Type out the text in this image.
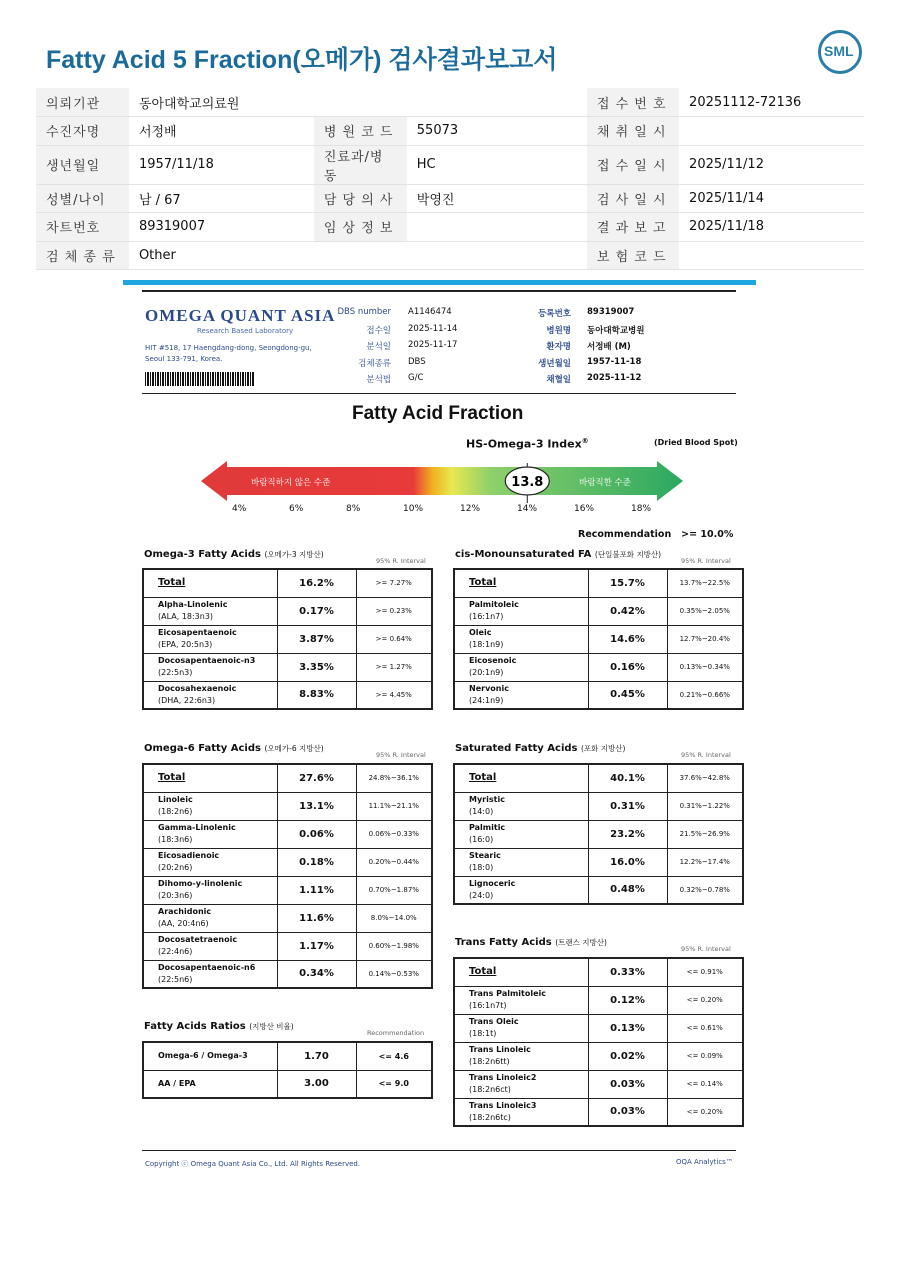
Fatty Acid 5 Fraction(오메가) 검사결과보고서	SML
의뢰기관	동아대학교의료원			접 수 번 호	20251112-72136
수진자명	서정배	병 원 코 드	55073	채 취 일 시	
생년월일	1957/11/18	진료과/병동	HC	접 수 일 시	2025/11/12
성별/나이	남 / 67	담 당 의 사	박영진	검 사 일 시	2025/11/14
차트번호	89319007	임 상 정 보		결 과 보 고	2025/11/18
검 체 종 류	Other			보 험 코 드	
OMEGA QUANT ASIA
Research Based Laboratory
HIT #518, 17 Haengdang-dong, Seongdong-gu, Seoul 133-791, Korea.
DBS number A1146474
접수일 2025-11-14
분석일 2025-11-17
검체종류 DBS
분석법 G/C
등록번호 89319007
병원명 동아대학교병원
환자명 서정배 (M)
생년월일 1957-11-18
채혈일 2025-11-12
Fatty Acid Fraction
HS-Omega-3 Index®	(Dried Blood Spot)
바람직하지 않은 수준	바람직한 수준
13.8
4%	6%	8%	10%	12%	14%	16%	18%
Recommendation >= 10.0%
Omega-3 Fatty Acids (오메가-3 지방산)
95% R. Interval
Total	16.2%	>= 7.27%

Alpha-Linolenic
(ALA, 18:3n3)	0.17%	>= 0.23%

Eicosapentaenoic
(EPA, 20:5n3)	3.87%	>= 0.64%

Docosapentaenoic-n3
(22:5n3)	3.35%	>= 1.27%

Docosahexaenoic
(DHA, 22:6n3)	8.83%	>= 4.45%
cis-Monounsaturated FA (단일불포화 지방산)
95% R. Interval
Total	15.7%	13.7%~22.5%

Palmitoleic
(16:1n7)	0.42%	0.35%~2.05%

Oleic
(18:1n9)	14.6%	12.7%~20.4%

Eicosenoic
(20:1n9)	0.16%	0.13%~0.34%

Nervonic
(24:1n9)	0.45%	0.21%~0.66%
Omega-6 Fatty Acids (오메가-6 지방산)
95% R. Interval
Total	27.6%	24.8%~36.1%

Linoleic
(18:2n6)	13.1%	11.1%~21.1%

Gamma-Linolenic
(18:3n6)	0.06%	0.06%~0.33%

Eicosadienoic
(20:2n6)	0.18%	0.20%~0.44%

Dihomo-y-linolenic
(20:3n6)	1.11%	0.70%~1.87%

Arachidonic
(AA, 20:4n6)	11.6%	8.0%~14.0%

Docosatetraenoic
(22:4n6)	1.17%	0.60%~1.98%

Docosapentaenoic-n6
(22:5n6)	0.34%	0.14%~0.53%
Saturated Fatty Acids (포화 지방산)
95% R. Interval
Total	40.1%	37.6%~42.8%

Myristic
(14:0)	0.31%	0.31%~1.22%

Palmitic
(16:0)	23.2%	21.5%~26.9%

Stearic
(18:0)	16.0%	12.2%~17.4%

Lignoceric
(24:0)	0.48%	0.32%~0.78%
Trans Fatty Acids (트랜스 지방산)
95% R. Interval
Total	0.33%	<= 0.91%

Trans Palmitoleic
(16:1n7t)	0.12%	<= 0.20%

Trans Oleic
(18:1t)	0.13%	<= 0.61%

Trans Linoleic
(18:2n6tt)	0.02%	<= 0.09%

Trans Linoleic2
(18:2n6ct)	0.03%	<= 0.14%

Trans Linoleic3
(18:2n6tc)	0.03%	<= 0.20%
Fatty Acids Ratios (지방산 비율)
Recommendation
Omega-6 / Omega-3	1.70	<= 4.6

AA / EPA	3.00	<= 9.0
Copyright ⓒ Omega Quant Asia Co., Ltd. All Rights Reserved.	OQA Analytics™
